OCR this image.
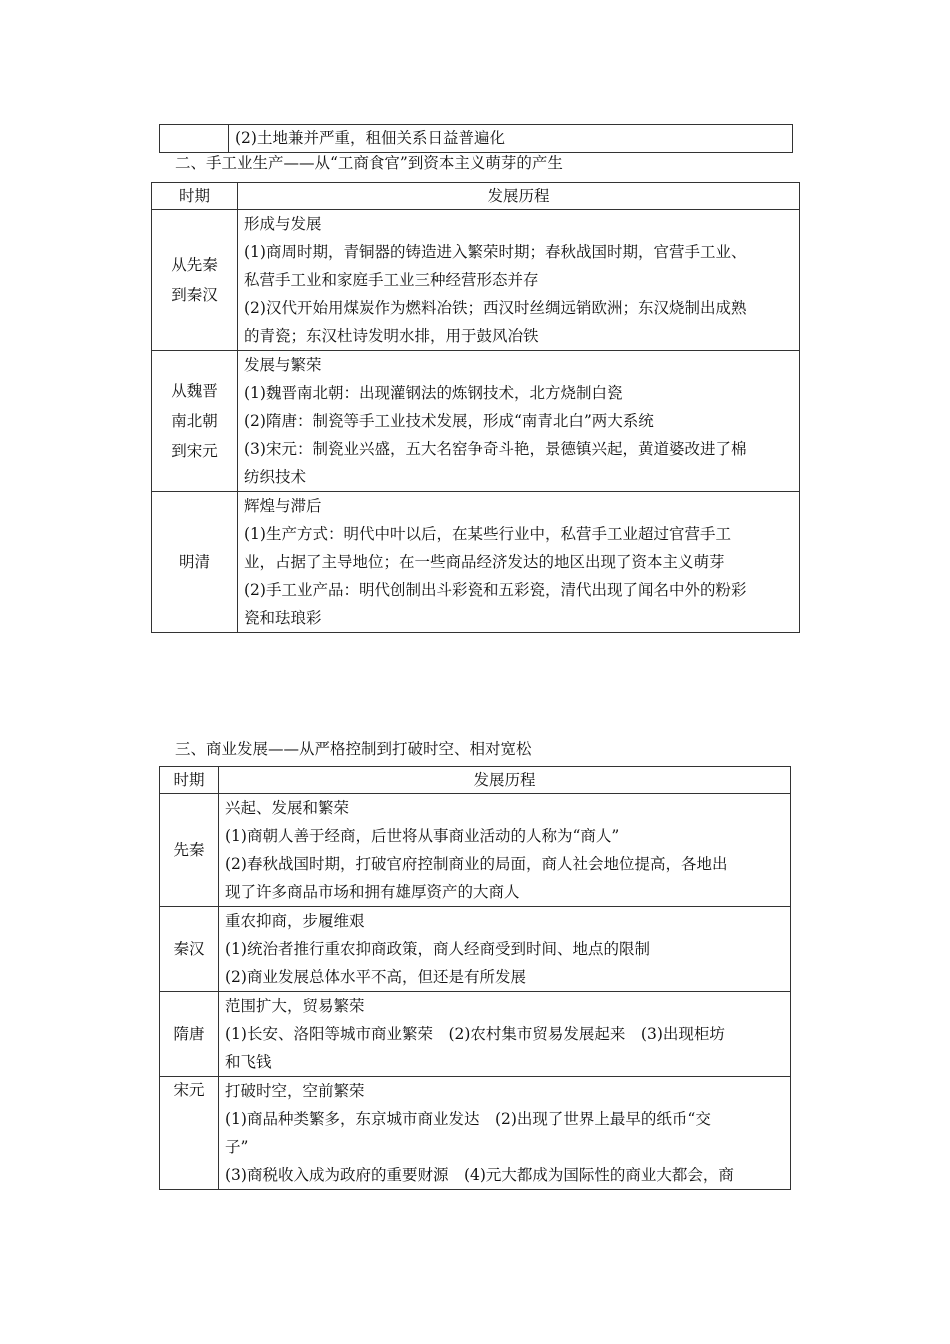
	(2)土地兼并严重，租佃关系日益普遍化
二、手工业生产——从“工商食官”到资本主义萌芽的产生
时期	发展历程

从先秦
到秦汉	形成与发展
(1)商周时期，青铜器的铸造进入繁荣时期；春秋战国时期，官营手工业、
私营手工业和家庭手工业三种经营形态并存
(2)汉代开始用煤炭作为燃料冶铁；西汉时丝绸远销欧洲；东汉烧制出成熟
的青瓷；东汉杜诗发明水排，用于鼓风冶铁

从魏晋
南北朝
到宋元	发展与繁荣
(1)魏晋南北朝：出现灌钢法的炼钢技术，北方烧制白瓷
(2)隋唐：制瓷等手工业技术发展，形成“南青北白”两大系统
(3)宋元：制瓷业兴盛，五大名窑争奇斗艳，景德镇兴起，黄道婆改进了棉
纺织技术

明清	辉煌与滞后
(1)生产方式：明代中叶以后，在某些行业中，私营手工业超过官营手工
业，占据了主导地位；在一些商品经济发达的地区出现了资本主义萌芽
(2)手工业产品：明代创制出斗彩瓷和五彩瓷，清代出现了闻名中外的粉彩
瓷和珐琅彩
三、商业发展——从严格控制到打破时空、相对宽松
时期	发展历程

先秦	兴起、发展和繁荣
(1)商朝人善于经商，后世将从事商业活动的人称为“商人”
(2)春秋战国时期，打破官府控制商业的局面，商人社会地位提高，各地出
现了许多商品市场和拥有雄厚资产的大商人

秦汉	重农抑商，步履维艰
(1)统治者推行重农抑商政策，商人经商受到时间、地点的限制
(2)商业发展总体水平不高，但还是有所发展

隋唐	范围扩大，贸易繁荣
(1)长安、洛阳等城市商业繁荣　(2)农村集市贸易发展起来　(3)出现柜坊
和飞钱

宋元	打破时空，空前繁荣
(1)商品种类繁多，东京城市商业发达　(2)出现了世界上最早的纸币“交
子”
(3)商税收入成为政府的重要财源　(4)元大都成为国际性的商业大都会，商
